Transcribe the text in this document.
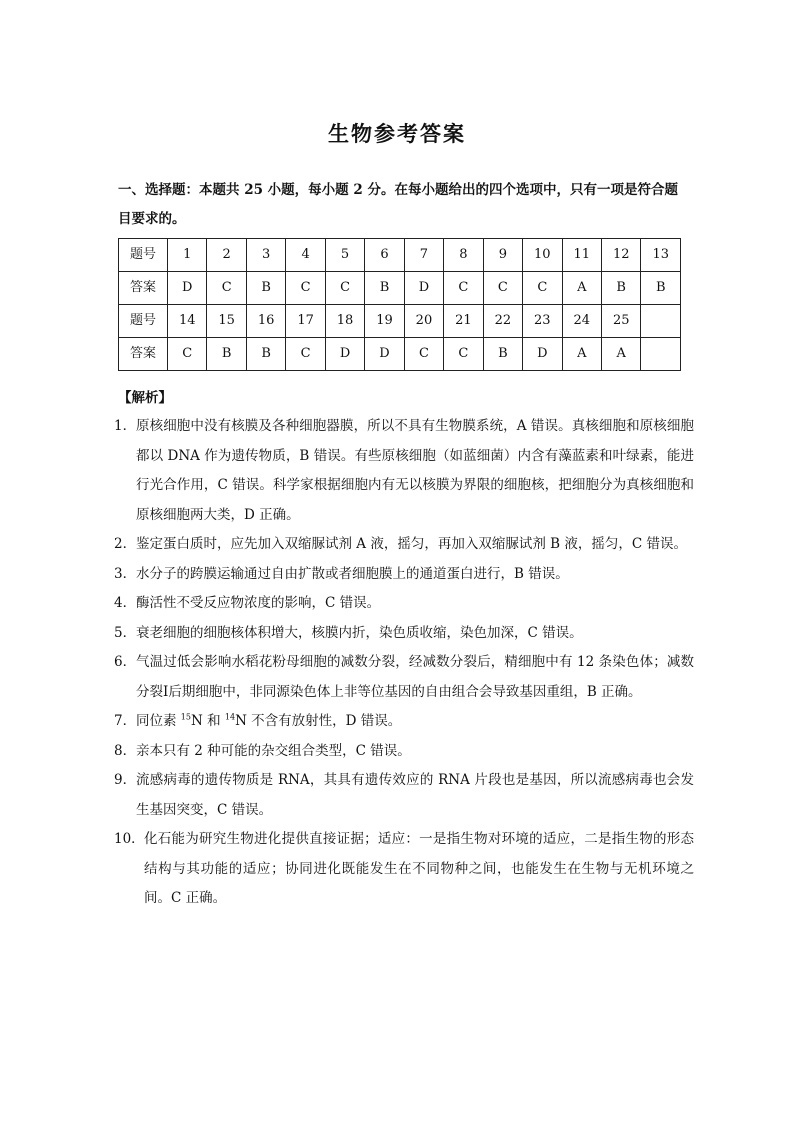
生物参考答案
一、选择题：本题共 25 小题，每小题 2 分。在每小题给出的四个选项中，只有一项是符合题目要求的。
题号	1	2	3	4	5	6	7	8	9	10	11	12	13
答案	D	C	B	C	C	B	D	C	C	C	A	B	B
题号	14	15	16	17	18	19	20	21	22	23	24	25	
答案	C	B	B	C	D	D	C	C	B	D	A	A	
【解析】
1． 原核细胞中没有核膜及各种细胞器膜，所以不具有生物膜系统，A 错误。真核细胞和原核细胞都以 DNA 作为遗传物质，B 错误。有些原核细胞（如蓝细菌）内含有藻蓝素和叶绿素，能进行光合作用，C 错误。科学家根据细胞内有无以核膜为界限的细胞核，把细胞分为真核细胞和原核细胞两大类，D 正确。
2． 鉴定蛋白质时，应先加入双缩脲试剂 A 液，摇匀，再加入双缩脲试剂 B 液，摇匀，C 错误。
3． 水分子的跨膜运输通过自由扩散或者细胞膜上的通道蛋白进行，B 错误。
4． 酶活性不受反应物浓度的影响，C 错误。
5． 衰老细胞的细胞核体积增大，核膜内折，染色质收缩，染色加深，C 错误。
6． 气温过低会影响水稻花粉母细胞的减数分裂，经减数分裂后，精细胞中有 12 条染色体；减数分裂Ⅰ后期细胞中，非同源染色体上非等位基因的自由组合会导致基因重组，B 正确。
7． 同位素 $^{15}$N 和 $^{14}$N 不含有放射性，D 错误。
8． 亲本只有 2 种可能的杂交组合类型，C 错误。
9． 流感病毒的遗传物质是 RNA，其具有遗传效应的 RNA 片段也是基因，所以流感病毒也会发生基因突变，C 错误。
10． 化石能为研究生物进化提供直接证据；适应：一是指生物对环境的适应，二是指生物的形态结构与其功能的适应；协同进化既能发生在不同物种之间，也能发生在生物与无机环境之间。C 正确。
